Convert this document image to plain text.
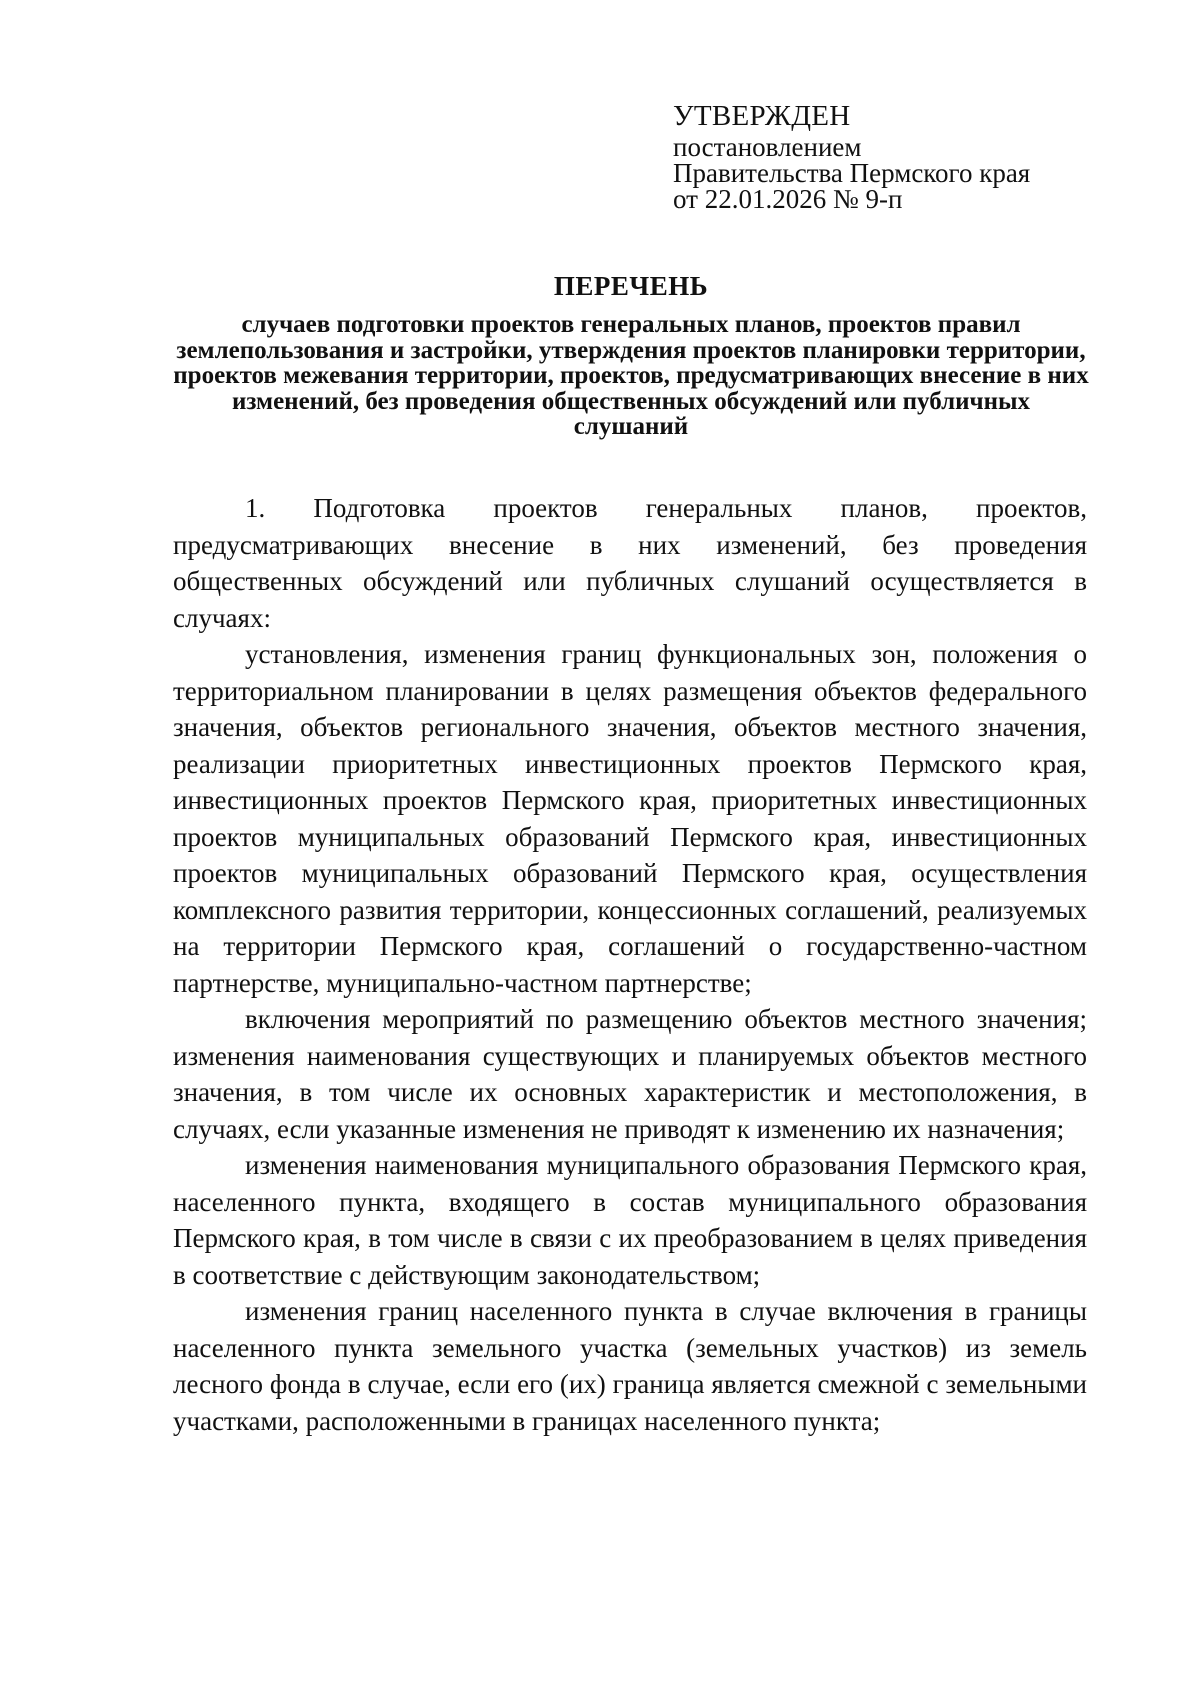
УТВЕРЖДЕН
постановлением
Правительства Пермского края
от 22.01.2026 № 9-п
ПЕРЕЧЕНЬ
случаев подготовки проектов генеральных планов, проектов правил землепользования и застройки, утверждения проектов планировки территории, проектов межевания территории, проектов, предусматривающих внесение в них изменений, без проведения общественных обсуждений или публичных слушаний

1. Подготовка проектов генеральных планов, проектов, предусматривающих внесение в них изменений, без проведения общественных обсуждений или публичных слушаний осуществляется в случаях:

установления, изменения границ функциональных зон, положения о территориальном планировании в целях размещения объектов федерального значения, объектов регионального значения, объектов местного значения, реализации приоритетных инвестиционных проектов Пермского края, инвестиционных проектов Пермского края, приоритетных инвестиционных проектов муниципальных образований Пермского края, инвестиционных проектов муниципальных образований Пермского края, осуществления комплексного развития территории, концессионных соглашений, реализуемых на территории Пермского края, соглашений о государственно-частном партнерстве, муниципально-частном партнерстве;

включения мероприятий по размещению объектов местного значения; изменения наименования существующих и планируемых объектов местного значения, в том числе их основных характеристик и местоположения, в случаях, если указанные изменения не приводят к изменению их назначения;

изменения наименования муниципального образования Пермского края, населенного пункта, входящего в состав муниципального образования Пермского края, в том числе в связи с их преобразованием в целях приведения в соответствие с действующим законодательством;

изменения границ населенного пункта в случае включения в границы населенного пункта земельного участка (земельных участков) из земель лесного фонда в случае, если его (их) граница является смежной с земельными участками, расположенными в границах населенного пункта;
